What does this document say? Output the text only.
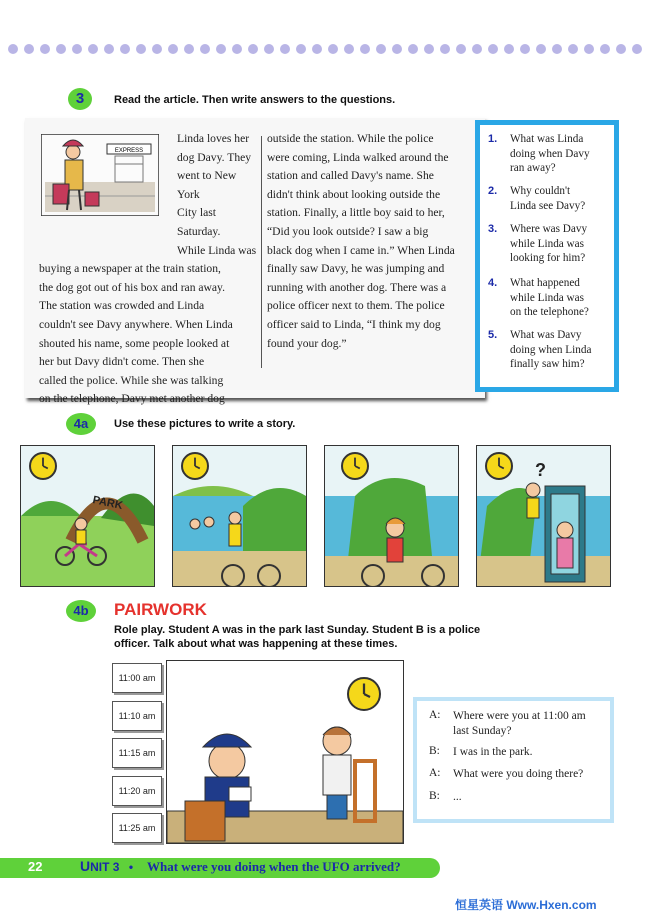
3	Read the article. Then write answers to the questions.
EXPRESS
Linda loves her
dog Davy. They
went to New York
City last Saturday.
While Linda was
buying a newspaper at the train station,
the dog got out of his box and ran away.
The station was crowded and Linda
couldn't see Davy anywhere. When Linda
shouted his name, some people looked at
her but Davy didn't come. Then she
called the police. While she was talking
on the telephone, Davy met another dog
outside the station. While the police
were coming, Linda walked around the
station and called Davy's name. She
didn't think about looking outside the
station. Finally, a little boy said to her,
“Did you look outside? I saw a big
black dog when I came in.” When Linda
finally saw Davy, he was jumping and
running with another dog. There was a
police officer next to them. The police
officer said to Linda, “I think my dog
found your dog.”
1.	What was Linda
doing when Davy
ran away?
2.	Why couldn't
Linda see Davy?
3.	Where was Davy
while Linda was
looking for him?
4.	What happened
while Linda was
on the telephone?
5.	What was Davy
doing when Linda
finally saw him?
4a	Use these pictures to write a story.
PARK
?
4b	PAIRWORK
Role play. Student A was in the park last Sunday. Student B is a police
officer. Talk about what was happening at these times.
11:00 am
11:10 am
11:15 am
11:20 am
11:25 am
A: Where were you at 11:00 am
last Sunday?
B: I was in the park.
A: What were you doing there?
B: ...
22	UNIT 3 •	What were you doing when the UFO arrived?
恒星英语 Www.Hxen.com
